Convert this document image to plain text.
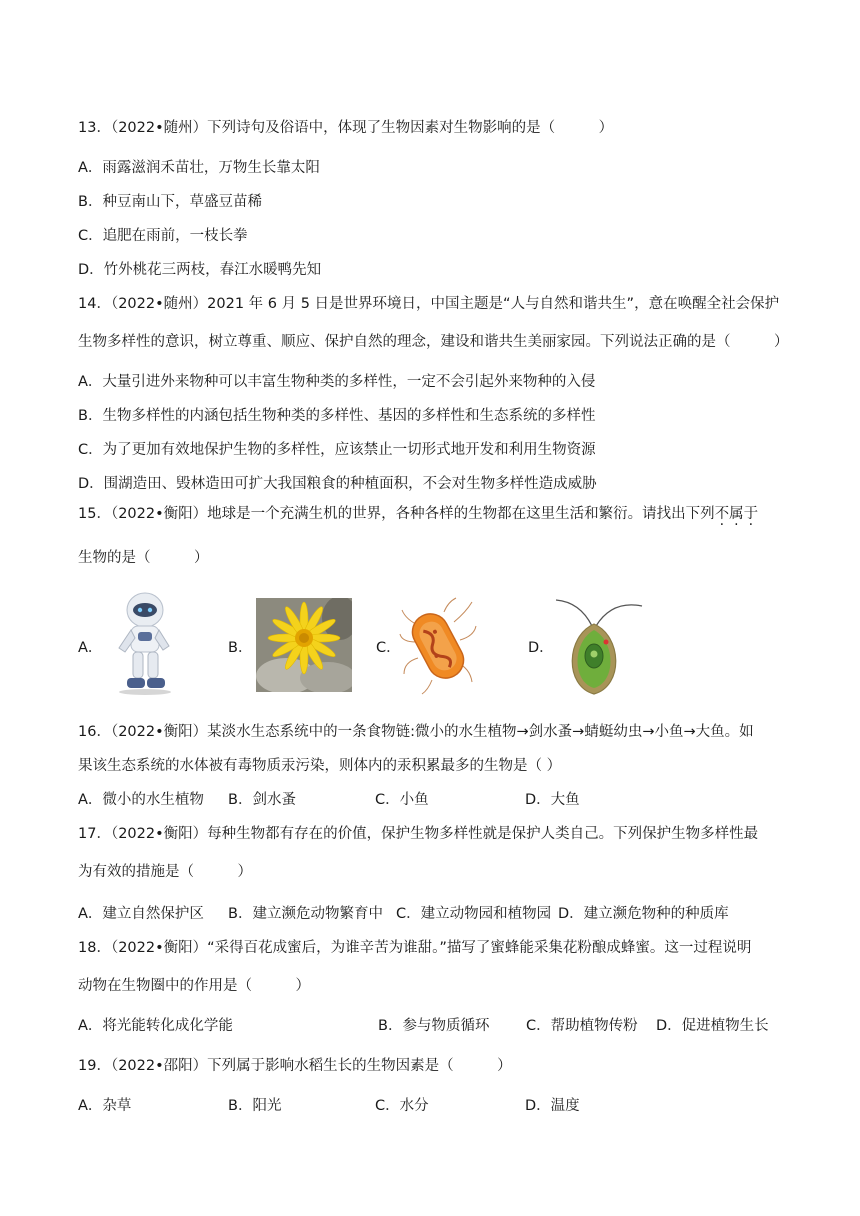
13．（2022•随州）下列诗句及俗语中，体现了生物因素对生物影响的是（　　　）
A．雨露滋润禾苗壮，万物生长靠太阳
B．种豆南山下，草盛豆苗稀
C．追肥在雨前，一枝长拳
D．竹外桃花三两枝，春江水暖鸭先知
14．（2022•随州）2021 年 6 月 5 日是世界环境日，中国主题是“人与自然和谐共生”，意在唤醒全社会保护
生物多样性的意识，树立尊重、顺应、保护自然的理念，建设和谐共生美丽家园。下列说法正确的是（　　　）
A．大量引进外来物种可以丰富生物种类的多样性，一定不会引起外来物种的入侵
B．生物多样性的内涵包括生物种类的多样性、基因的多样性和生态系统的多样性
C．为了更加有效地保护生物的多样性，应该禁止一切形式地开发和利用生物资源
D．围湖造田、毁林造田可扩大我国粮食的种植面积，不会对生物多样性造成威胁
15．（2022•衡阳）地球是一个充满生机的世界，各种各样的生物都在这里生活和繁衍。请找出下列不属于
生物的是（　　　）
A．	B．	C．	D．
16．（2022•衡阳）某淡水生态系统中的一条食物链:微小的水生植物→剑水蚤→蜻蜓幼虫→小鱼→大鱼。如
果该生态系统的水体被有毒物质汞污染，则体内的汞积累最多的生物是（ ）
A．微小的水生植物 B．剑水蚤	C．小鱼	D．大鱼
17．（2022•衡阳）每种生物都有存在的价值，保护生物多样性就是保护人类自己。下列保护生物多样性最
为有效的措施是（　　　）
A．建立自然保护区 B．建立濒危动物繁育中 C．建立动物园和植物园 D．建立濒危物种的种质库
18．（2022•衡阳）“采得百花成蜜后，为谁辛苦为谁甜。”描写了蜜蜂能采集花粉酿成蜂蜜。这一过程说明
动物在生物圈中的作用是（　　　）
A．将光能转化成化学能	B．参与物质循环	C．帮助植物传粉 D．促进植物生长
19．（2022•邵阳）下列属于影响水稻生长的生物因素是（　　　）
A．杂草	B．阳光	C．水分	D．温度
